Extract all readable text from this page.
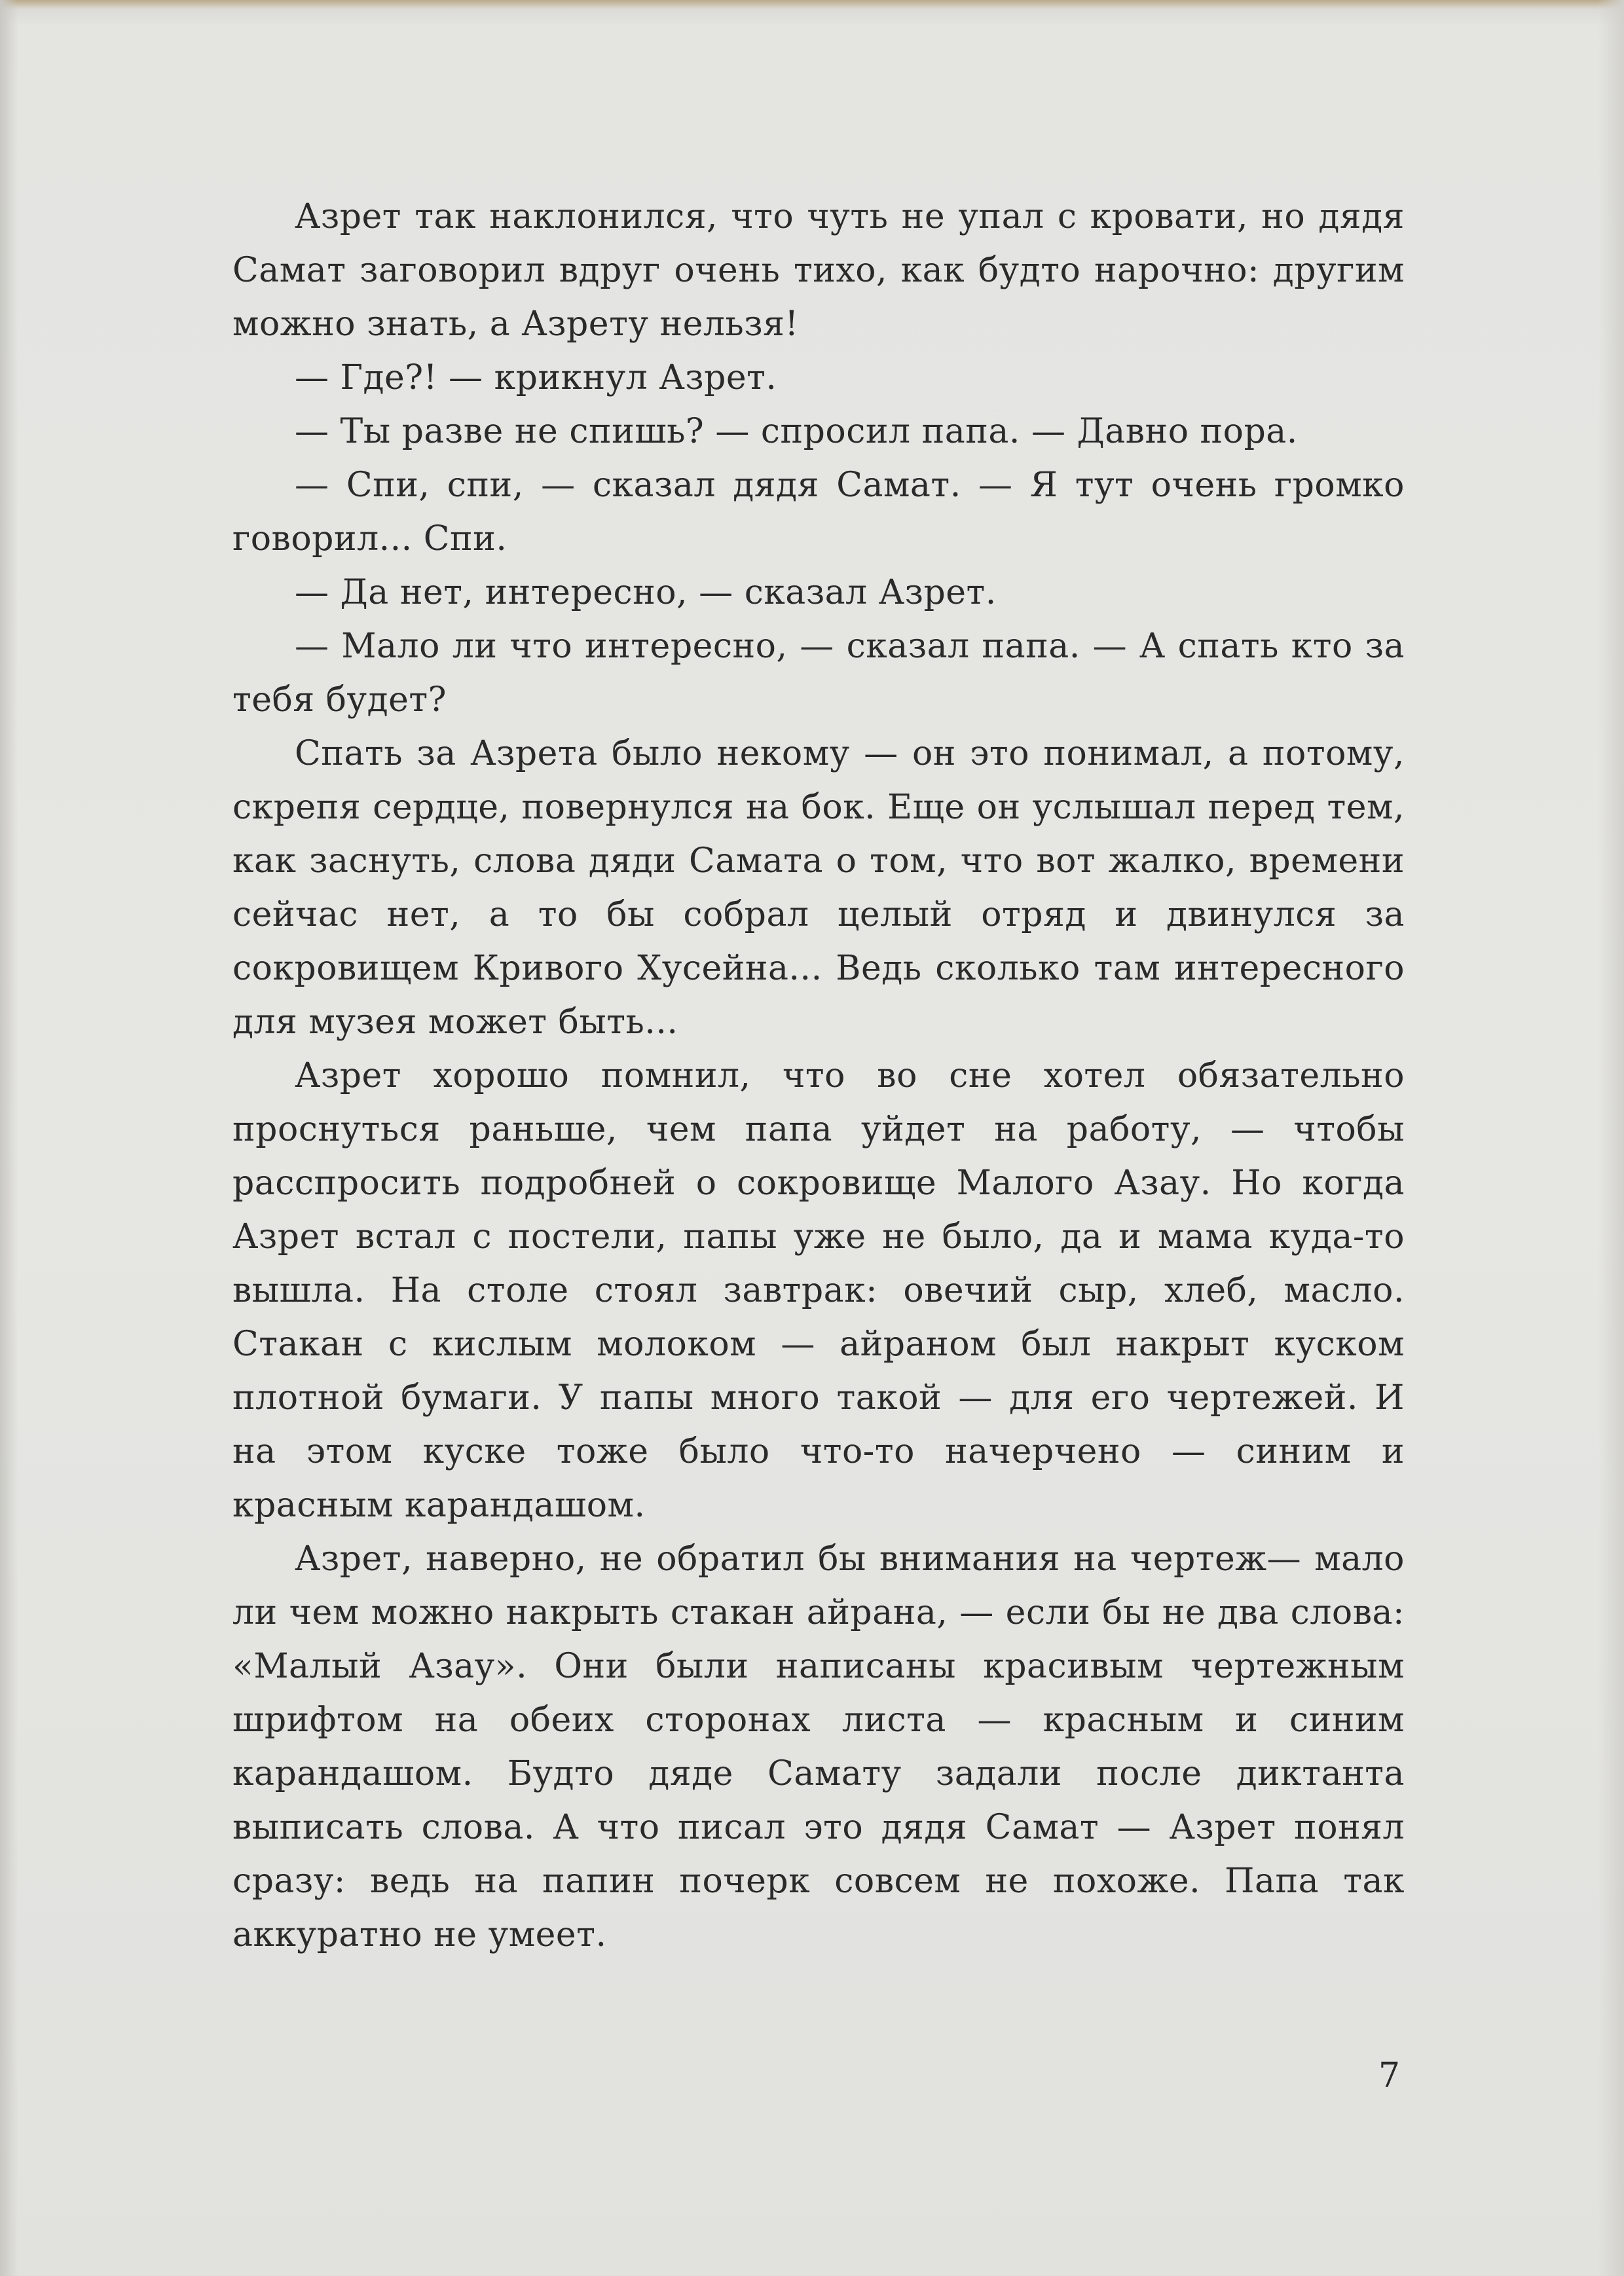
Азрет так наклонился, что чуть не упал с кровати, но дядя Самат заговорил вдруг очень тихо, как будто нарочно: другим можно знать, а Азрету нельзя!

— Где?! — крикнул Азрет.

— Ты разве не спишь? — спросил папа. — Давно пора.

— Спи, спи, — сказал дядя Самат. — Я тут очень громко говорил... Спи.

— Да нет, интересно, — сказал Азрет.

— Мало ли что интересно, — сказал папа. — А спать кто за тебя будет?

Спать за Азрета было некому — он это понимал, а потому, скрепя сердце, повернулся на бок. Еще он услышал перед тем, как заснуть, слова дяди Самата о том, что вот жалко, времени сейчас нет, а то бы собрал целый отряд и двинулся за сокровищем Кривого Хусейна... Ведь сколько там интересного для музея может быть...

Азрет хорошо помнил, что во сне хотел обязательно проснуться раньше, чем папа уйдет на работу, — чтобы расспросить подробней о сокровище Малого Азау. Но когда Азрет встал с постели, папы уже не было, да и мама куда-то вышла. На столе стоял завтрак: овечий сыр, хлеб, масло. Стакан с кислым молоком — айраном был накрыт куском плотной бумаги. У папы много такой — для его чертежей. И на этом куске тоже было что-то начерчено — синим и красным карандашом.

Азрет, наверно, не обратил бы внимания на чертеж— мало ли чем можно накрыть стакан айрана, — если бы не два слова: «Малый Азау». Они были написаны красивым чертежным шрифтом на обеих сторонах листа — красным и синим карандашом. Будто дяде Самату задали после диктанта выписать слова. А что писал это дядя Самат — Азрет понял сразу: ведь на папин почерк совсем не похоже. Папа так аккуратно не умеет.

7
